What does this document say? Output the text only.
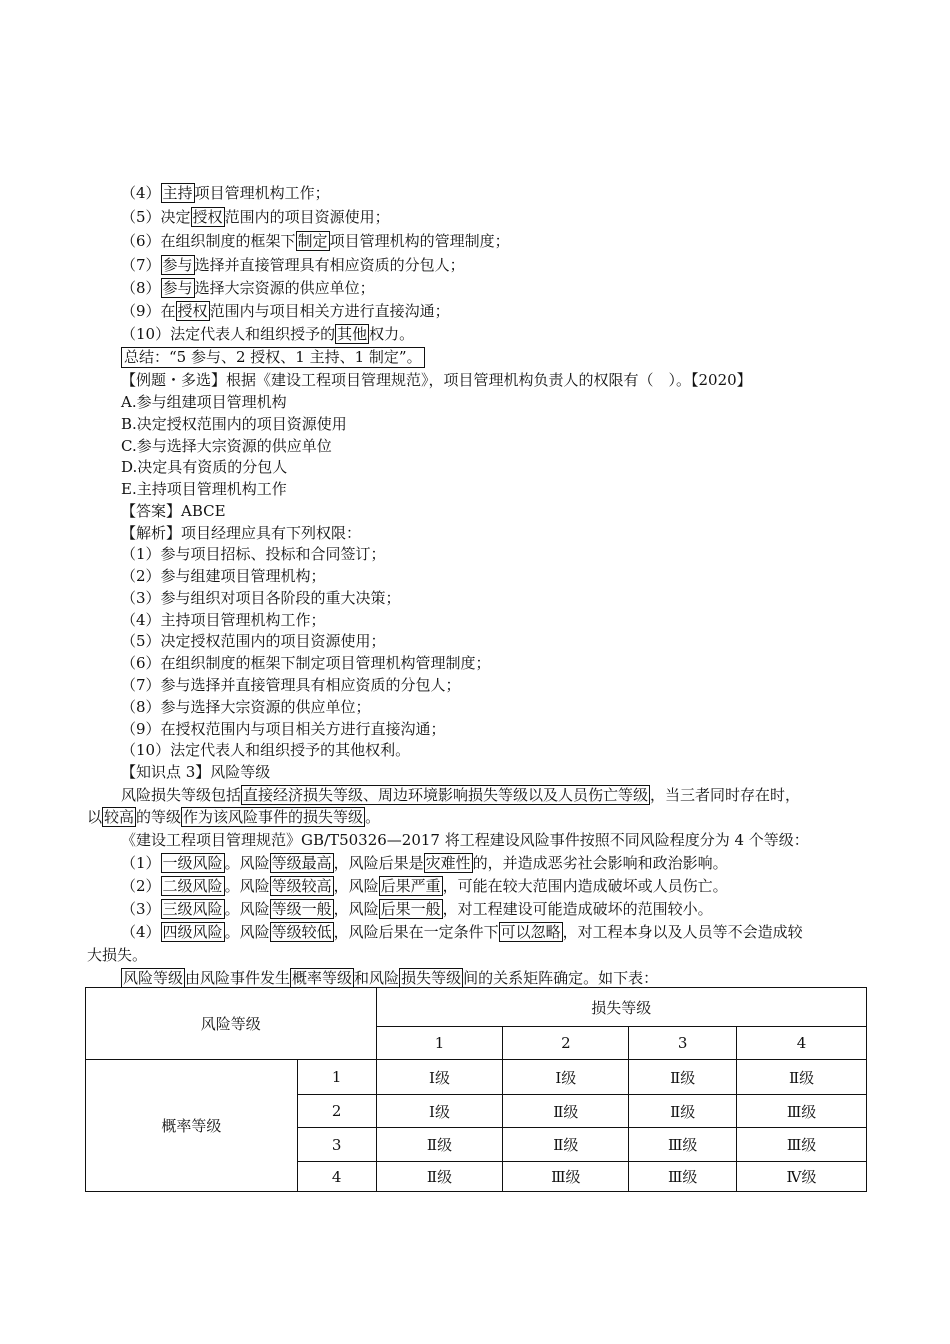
（4） 主持 项目管理机构工作；
（5）决定 授权 范围内的项目资源使用；
（6）在组织制度的框架下 制定 项目管理机构的管理制度；
（7） 参与 选择并直接管理具有相应资质的分包人；
（8） 参与 选择大宗资源的供应单位；
（9）在 授权 范围内与项目相关方进行直接沟通；
（10）法定代表人和组织授予的 其他 权力。
总结：“5 参与、2 授权、1 主持、1 制定”。
【例题・多选】根据《建设工程项目管理规范》，项目管理机构负责人的权限有（　）。【2020】
A.参与组建项目管理机构
B.决定授权范围内的项目资源使用
C.参与选择大宗资源的供应单位
D.决定具有资质的分包人
E.主持项目管理机构工作
【答案】ABCE
【解析】项目经理应具有下列权限：
（1）参与项目招标、投标和合同签订；
（2）参与组建项目管理机构；
（3）参与组织对项目各阶段的重大决策；
（4）主持项目管理机构工作；
（5）决定授权范围内的项目资源使用；
（6）在组织制度的框架下制定项目管理机构管理制度；
（7）参与选择并直接管理具有相应资质的分包人；
（8）参与选择大宗资源的供应单位；
（9）在授权范围内与项目相关方进行直接沟通；
（10）法定代表人和组织授予的其他权利。
【知识点 3】风险等级
风险损失等级包括 直接经济损失等级、周边环境影响损失等级以及人员伤亡等级 ，当三者同时存在时，
以 较高 的等级 作为该风险事件的损失等级 。
《建设工程项目管理规范》GB/T50326—2017 将工程建设风险事件按照不同风险程度分为 4 个等级：
（1） 一级风险 。风险 等级最高 ，风险后果是 灾难性 的，并造成恶劣社会影响和政治影响。
（2） 二级风险 。风险 等级较高 ，风险 后果严重 ，可能在较大范围内造成破坏或人员伤亡。
（3） 三级风险 。风险 等级一般 ，风险 后果一般 ，对工程建设可能造成破坏的范围较小。
（4） 四级风险 。风险 等级较低 ，风险后果在一定条件下 可以忽略 ，对工程本身以及人员等不会造成较
大损失。
风险等级 由风险事件发生 概率等级 和风险 损失等级 间的关系矩阵确定。如下表：
风险等级		损失等级			
		1	2	3	4
概率等级	1	Ⅰ级	Ⅰ级	Ⅱ级	Ⅱ级
	2	Ⅰ级	Ⅱ级	Ⅱ级	Ⅲ级
	3	Ⅱ级	Ⅱ级	Ⅲ级	Ⅲ级
	4	Ⅱ级	Ⅲ级	Ⅲ级	Ⅳ级
